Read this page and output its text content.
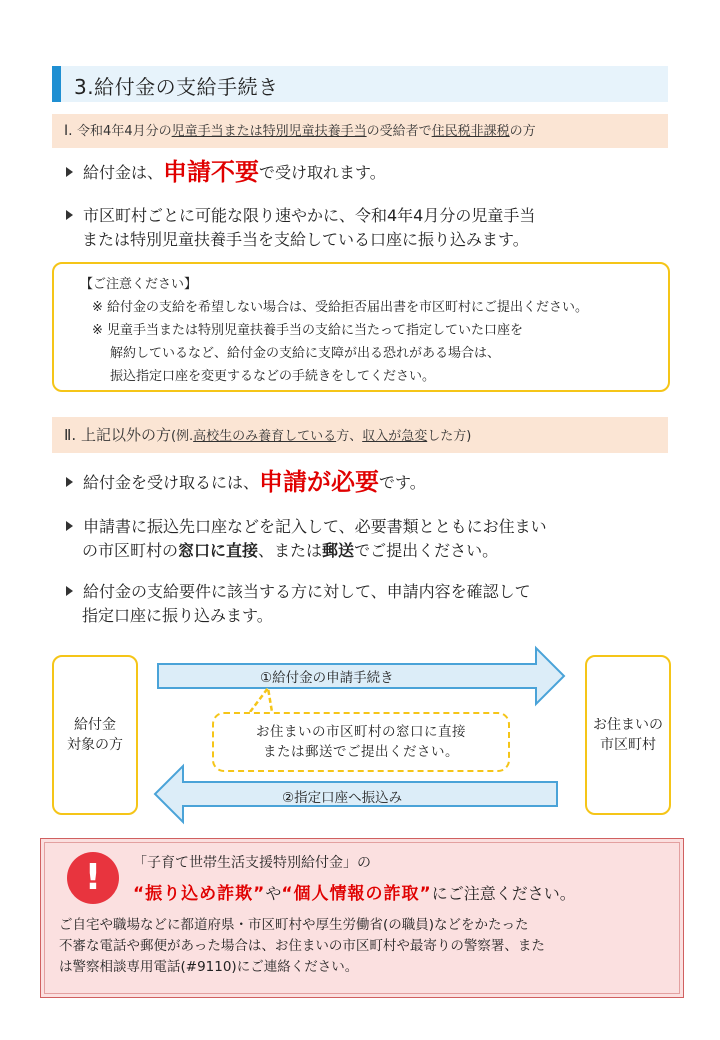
3.給付金の支給手続き
Ⅰ. 令和4年4月分の児童手当または特別児童扶養手当の受給者で住民税非課税の方
給付金は、申請不要で受け取れます。
市区町村ごとに可能な限り速やかに、令和4年4月分の児童手当
または特別児童扶養手当を支給している口座に振り込みます。
【ご注意ください】
※ 給付金の支給を希望しない場合は、受給拒否届出書を市区町村にご提出ください。
※ 児童手当または特別児童扶養手当の支給に当たって指定していた口座を
解約しているなど、給付金の支給に支障が出る恐れがある場合は、
振込指定口座を変更するなどの手続きをしてください。
Ⅱ. 上記以外の方(例.高校生のみ養育している方、収入が急変した方)
給付金を受け取るには、申請が必要です。
申請書に振込先口座などを記入して、必要書類とともにお住まい
の市区町村の窓口に直接、または郵送でご提出ください。
給付金の支給要件に該当する方に対して、申請内容を確認して
指定口座に振り込みます。
給付金
対象の方
お住まいの
市区町村
①給付金の申請手続き
②指定口座へ振込み
お住まいの市区町村の窓口に直接
または郵送でご提出ください。
!	「子育て世帯生活支援特別給付金」の
“振り込め詐欺”や“個人情報の詐取”にご注意ください。
ご自宅や職場などに都道府県・市区町村や厚生労働省(の職員)などをかたった
不審な電話や郵便があった場合は、お住まいの市区町村や最寄りの警察署、また
は警察相談専用電話(#9110)にご連絡ください。
